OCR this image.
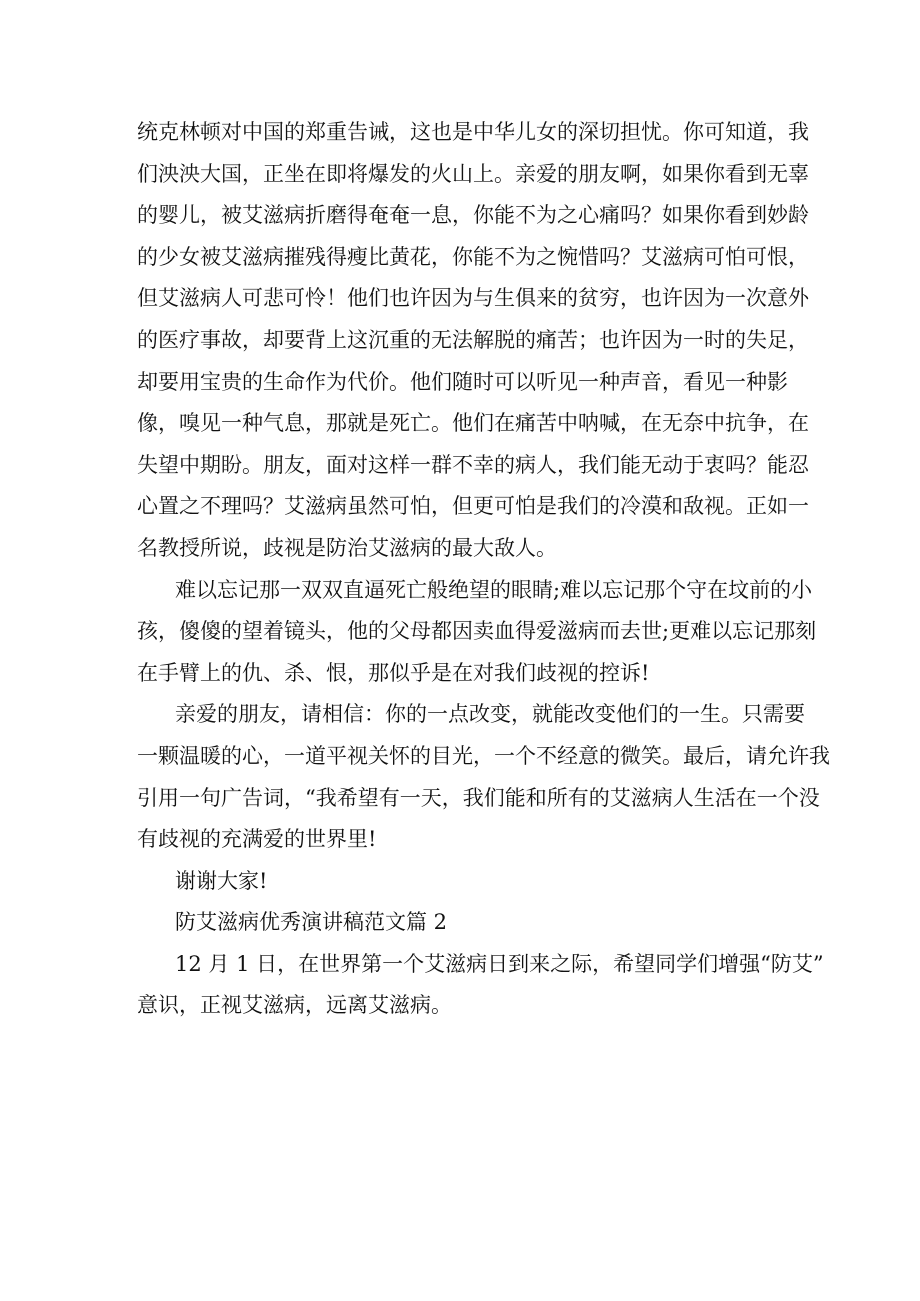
统克林顿对中国的郑重告诫，这也是中华儿女的深切担忧。你可知道，我
们泱泱大国，正坐在即将爆发的火山上。亲爱的朋友啊，如果你看到无辜
的婴儿，被艾滋病折磨得奄奄一息，你能不为之心痛吗？如果你看到妙龄
的少女被艾滋病摧残得瘦比黄花，你能不为之惋惜吗？艾滋病可怕可恨，
但艾滋病人可悲可怜！他们也许因为与生俱来的贫穷，也许因为一次意外
的医疗事故，却要背上这沉重的无法解脱的痛苦；也许因为一时的失足，
却要用宝贵的生命作为代价。他们随时可以听见一种声音，看见一种影
像，嗅见一种气息，那就是死亡。他们在痛苦中呐喊，在无奈中抗争，在
失望中期盼。朋友，面对这样一群不幸的病人，我们能无动于衷吗？能忍
心置之不理吗？艾滋病虽然可怕，但更可怕是我们的冷漠和敌视。正如一
名教授所说，歧视是防治艾滋病的最大敌人。
难以忘记那一双双直逼死亡般绝望的眼睛;难以忘记那个守在坟前的小
孩，傻傻的望着镜头，他的父母都因卖血得爱滋病而去世;更难以忘记那刻
在手臂上的仇、杀、恨，那似乎是在对我们歧视的控诉!
亲爱的朋友，请相信：你的一点改变，就能改变他们的一生。只需要
一颗温暖的心，一道平视关怀的目光，一个不经意的微笑。最后，请允许我
引用一句广告词，“我希望有一天，我们能和所有的艾滋病人生活在一个没
有歧视的充满爱的世界里!
谢谢大家!
防艾滋病优秀演讲稿范文篇 2
12 月 1 日，在世界第一个艾滋病日到来之际，希望同学们增强“防艾”
意识，正视艾滋病，远离艾滋病。
